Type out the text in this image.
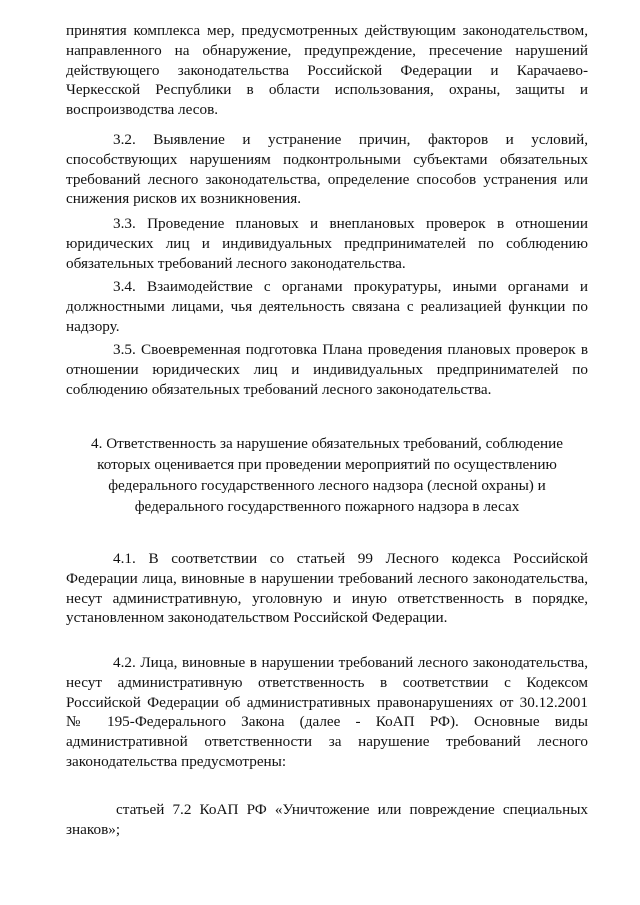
принятия комплекса мер, предусмотренных действующим законодательством, направленного на обнаружение, предупреждение, пресечение нарушений действующего законодательства Российской Федерации и Карачаево-Черкесской Республики в области использования, охраны, защиты и воспроизводства лесов.

3.2. Выявление и устранение причин, факторов и условий, способствующих нарушениям подконтрольными субъектами обязательных требований лесного законодательства, определение способов устранения или снижения рисков их возникновения.

3.3. Проведение плановых и внеплановых проверок в отношении юридических лиц и индивидуальных предпринимателей по соблюдению обязательных требований лесного законодательства.

3.4. Взаимодействие с органами прокуратуры, иными органами и должностными лицами, чья деятельность связана с реализацией функции по надзору.

3.5. Своевременная подготовка Плана проведения плановых проверок в отношении юридических лиц и индивидуальных предпринимателей по соблюдению обязательных требований лесного законодательства.

4. Ответственность за нарушение обязательных требований, соблюдение которых оценивается при проведении мероприятий по осуществлению федерального государственного лесного надзора (лесной охраны) и федерального государственного пожарного надзора в лесах

4.1. В соответствии со статьей 99 Лесного кодекса Российской Федерации лица, виновные в нарушении требований лесного законодательства, несут административную, уголовную и иную ответственность в порядке, установленном законодательством Российской Федерации.

4.2. Лица, виновные в нарушении требований лесного законодательства, несут административную ответственность в соответствии с Кодексом Российской Федерации об административных правонарушениях от 30.12.2001 № 195-Федерального Закона (далее - КоАП РФ). Основные виды административной ответственности за нарушение требований лесного законодательства предусмотрены:

статьей 7.2 КоАП РФ «Уничтожение или повреждение специальных знаков»;
